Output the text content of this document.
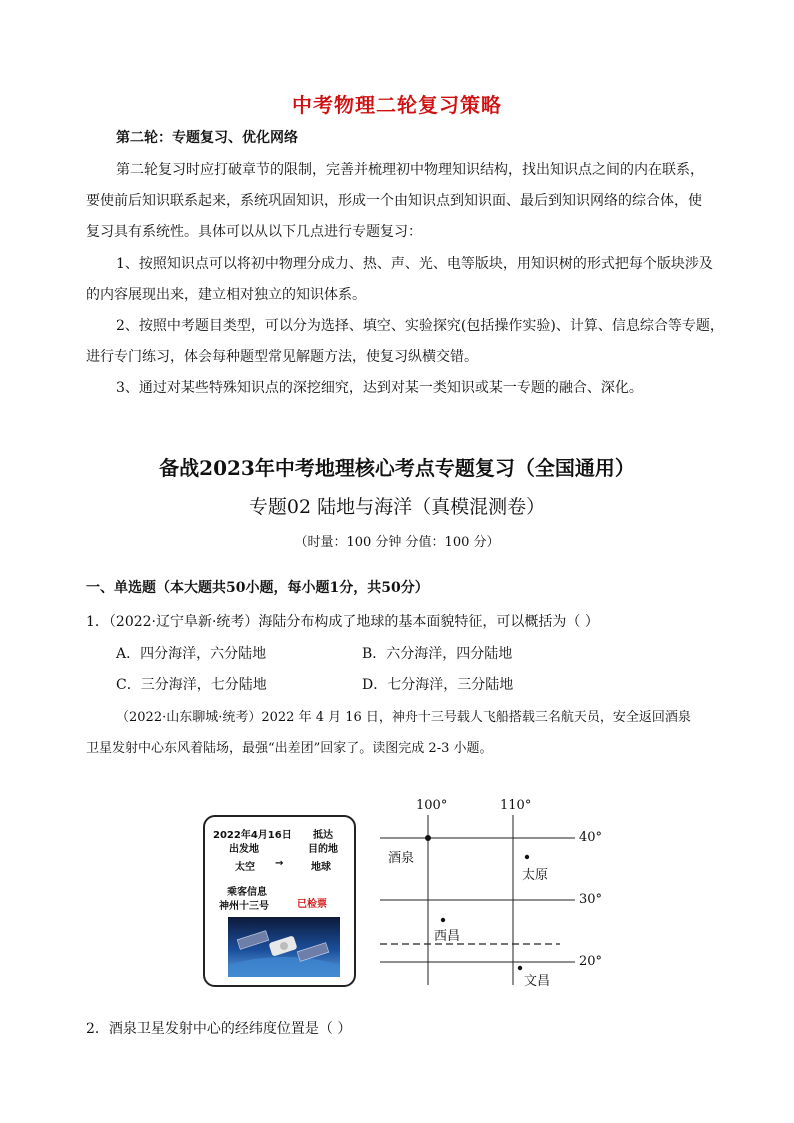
中考物理二轮复习策略
第二轮：专题复习、优化网络
第二轮复习时应打破章节的限制，完善并梳理初中物理知识结构，找出知识点之间的内在联系，
要使前后知识联系起来，系统巩固知识，形成一个由知识点到知识面、最后到知识网络的综合体，使
复习具有系统性。具体可以从以下几点进行专题复习：
1、按照知识点可以将初中物理分成力、热、声、光、电等版块，用知识树的形式把每个版块涉及
的内容展现出来，建立相对独立的知识体系。
2、按照中考题目类型，可以分为选择、填空、实验探究(包括操作实验)、计算、信息综合等专题，
进行专门练习，体会每种题型常见解题方法，使复习纵横交错。
3、通过对某些特殊知识点的深挖细究，达到对某一类知识或某一专题的融合、深化。
备战2023年中考地理核心考点专题复习（全国通用）
专题02 陆地与海洋（真模混测卷）
（时量：100 分钟 分值：100 分）
一、单选题（本大题共50小题，每小题1分，共50分）
1．（2022·辽宁阜新·统考）海陆分布构成了地球的基本面貌特征，可以概括为（ ）
A．四分海洋，六分陆地	B．六分海洋，四分陆地
C．三分海洋，七分陆地	D．七分海洋，三分陆地
（2022·山东聊城·统考）2022 年 4 月 16 日，神舟十三号载人飞船搭载三名航天员，安全返回酒泉
卫星发射中心东风着陆场，最强“出差团”回家了。读图完成 2-3 小题。
2022年4月16日 抵达
出发地	目的地
太空 →	地球
乘客信息
神州十三号	已检票
100°	110°
40°
30°
20°
酒泉
太原
西昌
文昌
2．酒泉卫星发射中心的经纬度位置是（ ）
